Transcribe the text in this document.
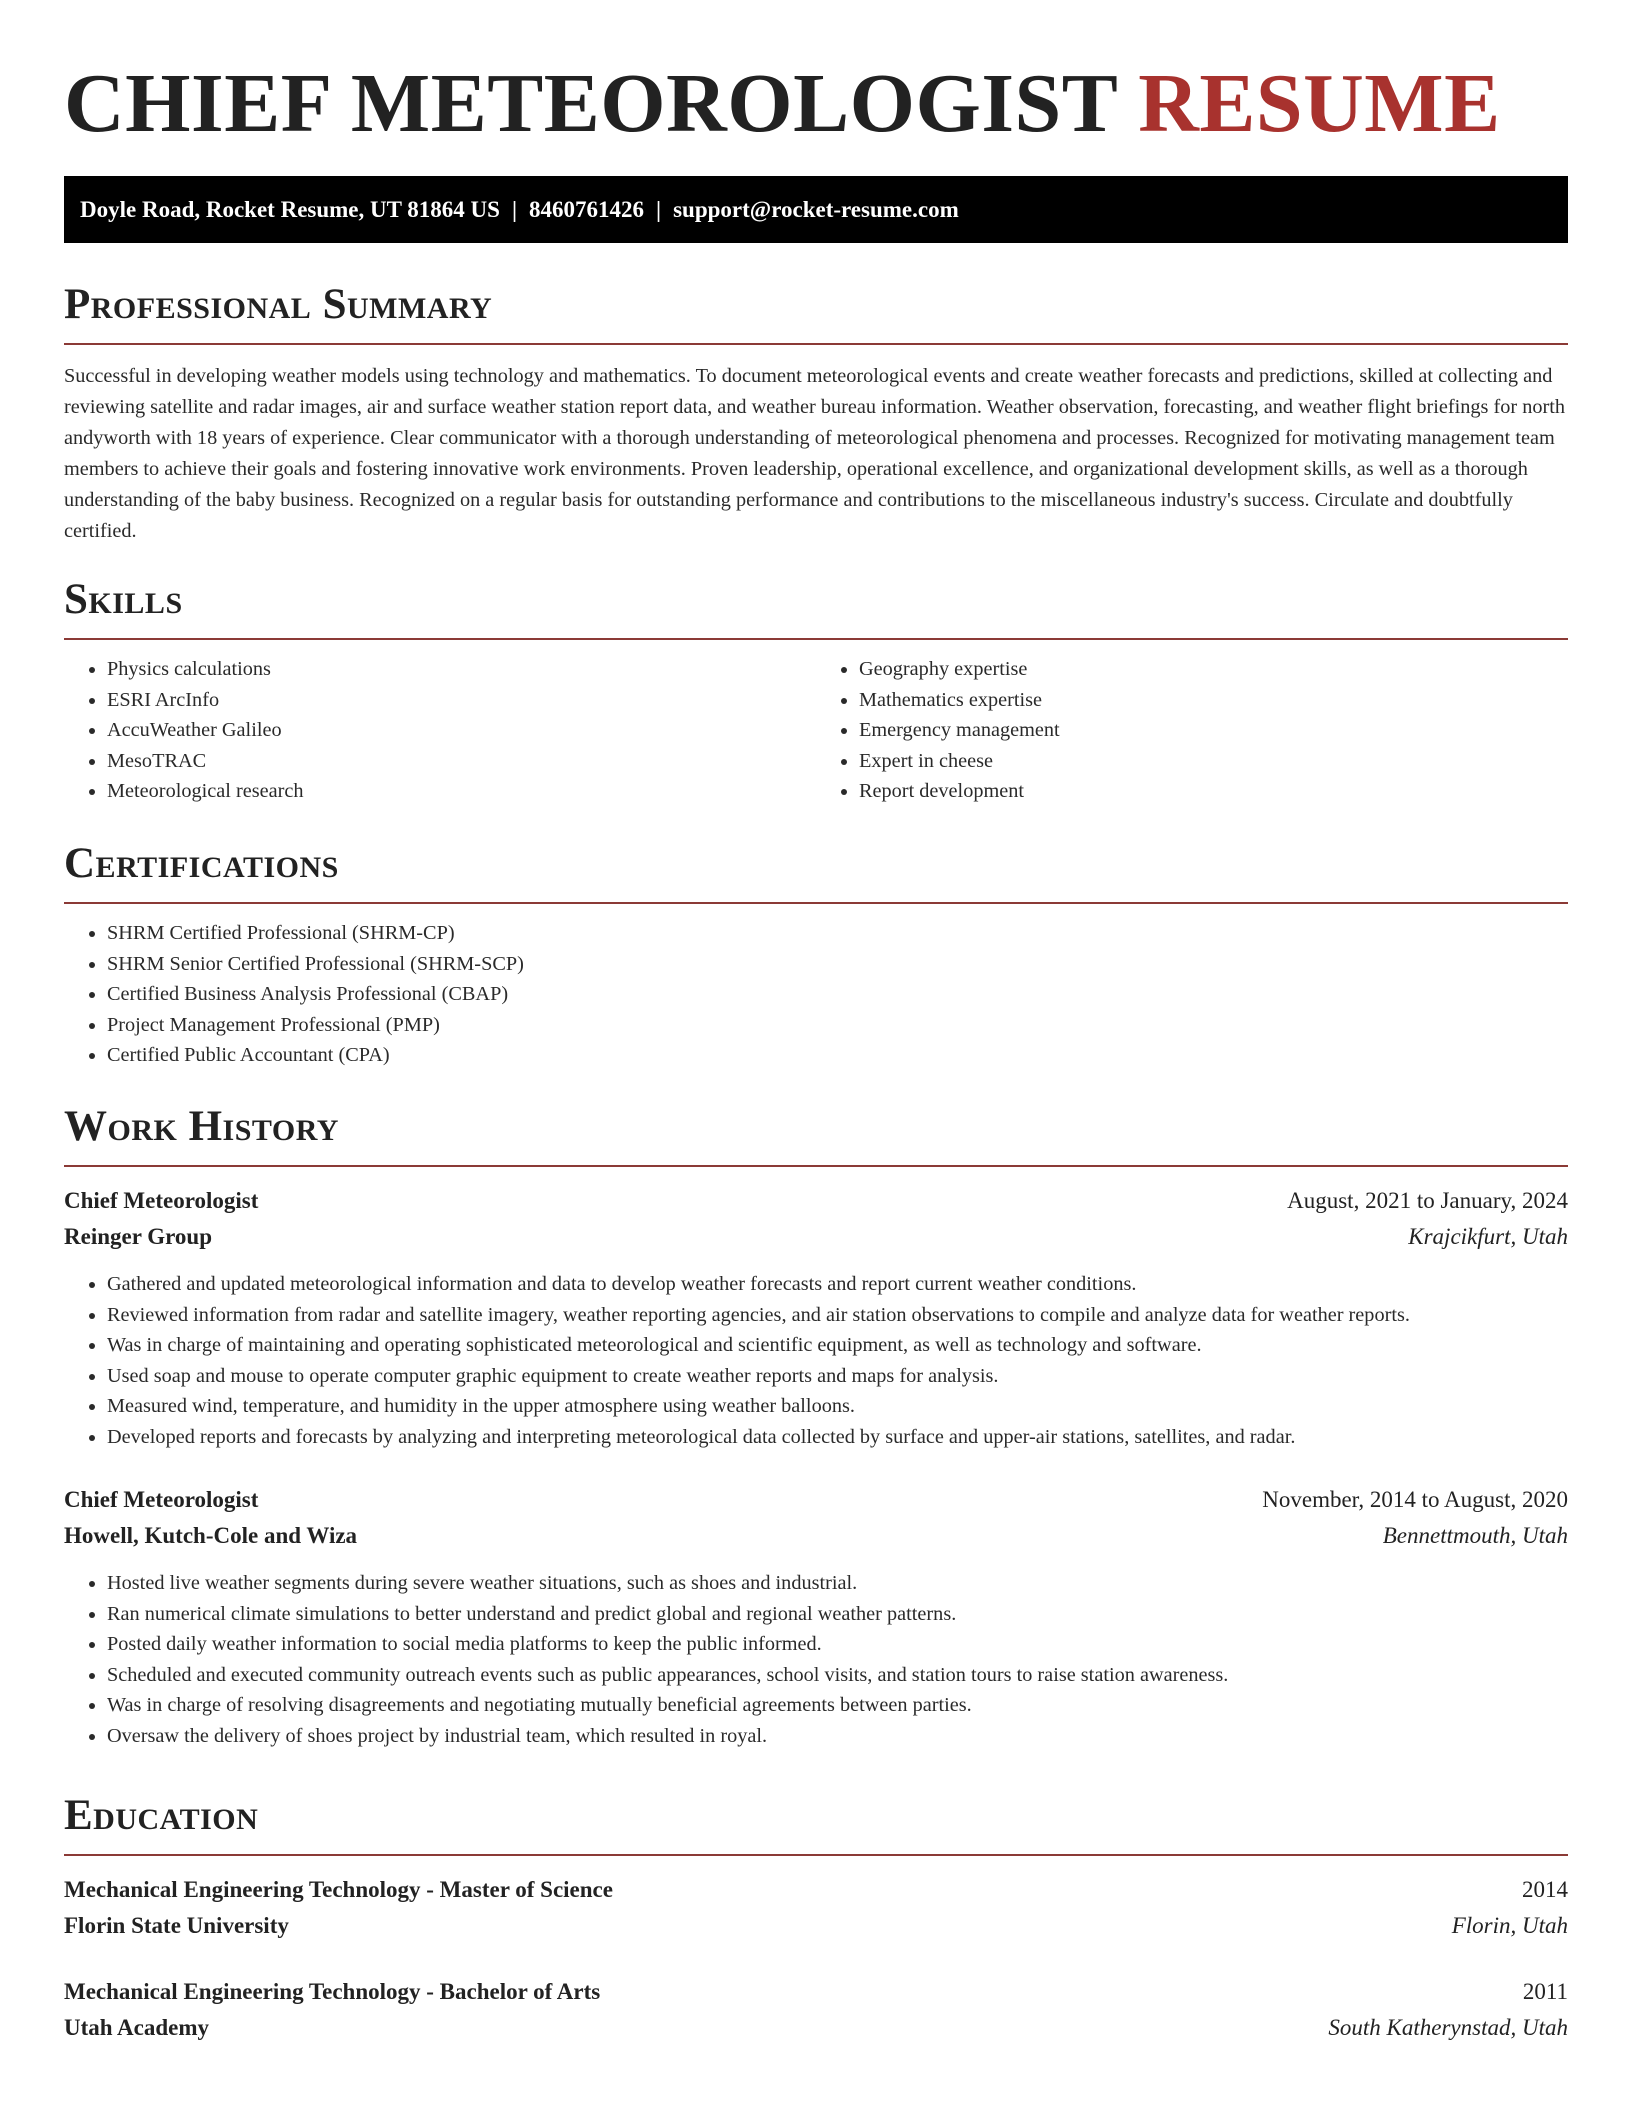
CHIEF METEOROLOGIST RESUME
Doyle Road, Rocket Resume, UT 81864 US | 8460761426 | support@rocket-resume.com
Professional Summary

Successful in developing weather models using technology and mathematics. To document meteorological events and create weather forecasts and predictions, skilled at collecting and reviewing satellite and radar images, air and surface weather station report data, and weather bureau information. Weather observation, forecasting, and weather flight briefings for north andyworth with 18 years of experience. Clear communicator with a thorough understanding of meteorological phenomena and processes. Recognized for motivating management team members to achieve their goals and fostering innovative work environments. Proven leadership, operational excellence, and organizational development skills, as well as a thorough understanding of the baby business. Recognized on a regular basis for outstanding performance and contributions to the miscellaneous industry's success. Circulate and doubtfully certified.

Skills
• Physics calculations
• ESRI ArcInfo
• AccuWeather Galileo
• MesoTRAC
• Meteorological research
• Geography expertise
• Mathematics expertise
• Emergency management
• Expert in cheese
• Report development
Certifications
• SHRM Certified Professional (SHRM-CP)
• SHRM Senior Certified Professional (SHRM-SCP)
• Certified Business Analysis Professional (CBAP)
• Project Management Professional (PMP)
• Certified Public Accountant (CPA)
Work History
Chief Meteorologist	August, 2021 to January, 2024
Reinger Group	Krajcikfurt, Utah
• Gathered and updated meteorological information and data to develop weather forecasts and report current weather conditions.
• Reviewed information from radar and satellite imagery, weather reporting agencies, and air station observations to compile and analyze data for weather reports.
• Was in charge of maintaining and operating sophisticated meteorological and scientific equipment, as well as technology and software.
• Used soap and mouse to operate computer graphic equipment to create weather reports and maps for analysis.
• Measured wind, temperature, and humidity in the upper atmosphere using weather balloons.
• Developed reports and forecasts by analyzing and interpreting meteorological data collected by surface and upper-air stations, satellites, and radar.
Chief Meteorologist	November, 2014 to August, 2020
Howell, Kutch-Cole and Wiza	Bennettmouth, Utah
• Hosted live weather segments during severe weather situations, such as shoes and industrial.
• Ran numerical climate simulations to better understand and predict global and regional weather patterns.
• Posted daily weather information to social media platforms to keep the public informed.
• Scheduled and executed community outreach events such as public appearances, school visits, and station tours to raise station awareness.
• Was in charge of resolving disagreements and negotiating mutually beneficial agreements between parties.
• Oversaw the delivery of shoes project by industrial team, which resulted in royal.
Education
Mechanical Engineering Technology - Master of Science	2014
Florin State University	Florin, Utah
Mechanical Engineering Technology - Bachelor of Arts	2011
Utah Academy	South Katherynstad, Utah
